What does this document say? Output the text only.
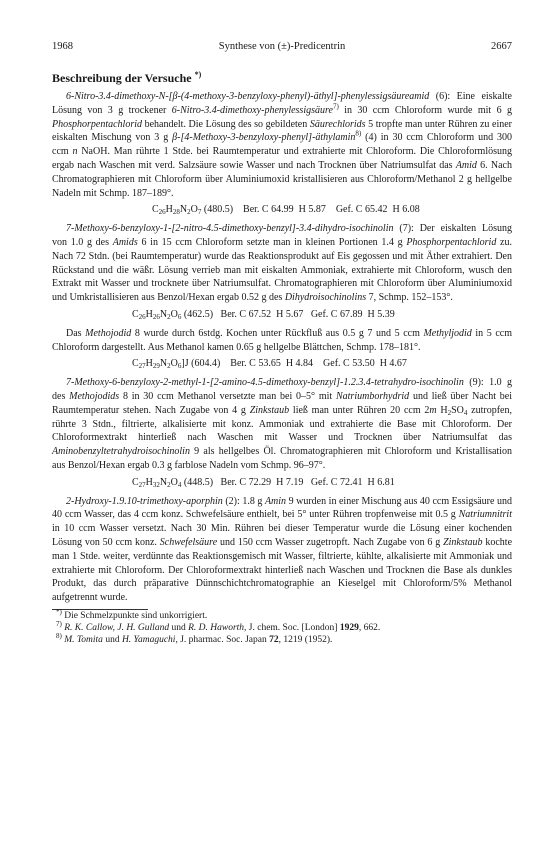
1968	Synthese von (±)-Predicentrin	2667
Beschreibung der Versuche *)

6-Nitro-3.4-dimethoxy-N-[β-(4-methoxy-3-benzyloxy-phenyl)-äthyl]-phenylessigsäureamid (6): Eine eiskalte Lösung von 3 g trockener 6-Nitro-3.4-dimethoxy-phenylessigsäure$^{7)}$ in 30 ccm Chloroform wurde mit 6 g Phosphorpentachlorid behandelt. Die Lösung des so gebildeten Säurechlorids 5 tropfte man unter Rühren zu einer eiskalten Mischung von 3 g β-[4-Methoxy-3-benzyloxy-phenyl]-äthylamin$^{8)}$ (4) in 30 ccm Chloroform und 300 ccm n NaOH. Man rührte 1 Stde. bei Raumtemperatur und extrahierte mit Chloroform. Die Chloroformlösung ergab nach Waschen mit verd. Salzsäure sowie Wasser und nach Trocknen über Natriumsulfat das Amid 6. Nach Chromatographieren mit Chloroform über Aluminiumoxid kristallisieren aus Chloroform/Methanol 2 g hellgelbe Nadeln mit Schmp. 187–189°.

$C_{26}H_{28}N_2O_7$ (480.5)    Ber. C 64.99  H 5.87    Gef. C 65.42  H 6.08

7-Methoxy-6-benzyloxy-1-[2-nitro-4.5-dimethoxy-benzyl]-3.4-dihydro-isochinolin (7): Der eiskalten Lösung von 1.0 g des Amids 6 in 15 ccm Chloroform setzte man in kleinen Portionen 1.4 g Phosphorpentachlorid zu. Nach 72 Stdn. (bei Raumtemperatur) wurde das Reaktionsprodukt auf Eis gegossen und mit Äther extrahiert. Den Rückstand und die wäßr. Lösung verrieb man mit eiskalten Ammoniak, extrahierte mit Chloroform, wusch den Extrakt mit Wasser und trocknete über Natriumsulfat. Chromatographieren mit Chloroform über Aluminiumoxid und Umkristallisieren aus Benzol/Hexan ergab 0.52 g des Dihydroisochinolins 7, Schmp. 152–153°.

$C_{26}H_{26}N_2O_6$ (462.5)   Ber. C 67.52  H 5.67   Gef. C 67.89  H 5.39

Das Methojodid 8 wurde durch 6stdg. Kochen unter Rückfluß aus 0.5 g 7 und 5 ccm Methyljodid in 5 ccm Chloroform dargestellt. Aus Methanol kamen 0.65 g hellgelbe Blättchen, Schmp. 178–181°.

$C_{27}H_{29}N_2O_6]J$ (604.4)    Ber. C 53.65  H 4.84    Gef. C 53.50  H 4.67

7-Methoxy-6-benzyloxy-2-methyl-1-[2-amino-4.5-dimethoxy-benzyl]-1.2.3.4-tetrahydro-isochinolin (9): 1.0 g des Methojodids 8 in 30 ccm Methanol versetzte man bei 0–5° mit Natriumborhydrid und ließ über Nacht bei Raumtemperatur stehen. Nach Zugabe von 4 g Zinkstaub ließ man unter Rühren 20 ccm 2m $H_2SO_4$ zutropfen, rührte 3 Stdn., filtrierte, alkalisierte mit konz. Ammoniak und extrahierte die Base mit Chloroform. Der Chloroformextrakt hinterließ nach Waschen mit Wasser und Trocknen über Natriumsulfat das Aminobenzyltetrahydroisochinolin 9 als hellgelbes Öl. Chromatographieren mit Chloroform und Kristallisation aus Benzol/Hexan ergab 0.3 g farblose Nadeln vom Schmp. 96–97°.

$C_{27}H_{32}N_2O_4$ (448.5)   Ber. C 72.29  H 7.19   Gef. C 72.41  H 6.81

2-Hydroxy-1.9.10-trimethoxy-aporphin (2): 1.8 g Amin 9 wurden in einer Mischung aus 40 ccm Essigsäure und 40 ccm Wasser, das 4 ccm konz. Schwefelsäure enthielt, bei 5° unter Rühren tropfenweise mit 0.5 g Natriumnitrit in 10 ccm Wasser versetzt. Nach 30 Min. Rühren bei dieser Temperatur wurde die Lösung einer kochenden Lösung von 50 ccm konz. Schwefelsäure und 150 ccm Wasser zugetropft. Nach Zugabe von 6 g Zinkstaub kochte man 1 Stde. weiter, verdünnte das Reaktionsgemisch mit Wasser, filtrierte, kühlte, alkalisierte mit Ammoniak und extrahierte mit Chloroform. Der Chloroformextrakt hinterließ nach Waschen und Trocknen die Base als dunkles Produkt, das durch präparative Dünnschichtchromatographie an Kieselgel mit Chloroform/5% Methanol aufgetrennt wurde.

*) Die Schmelzpunkte sind unkorrigiert.
$^{7)}$ R. K. Callow, J. H. Gulland und R. D. Haworth, J. chem. Soc. [London] 1929, 662.
$^{8)}$ M. Tomita und H. Yamaguchi, J. pharmac. Soc. Japan 72, 1219 (1952).
